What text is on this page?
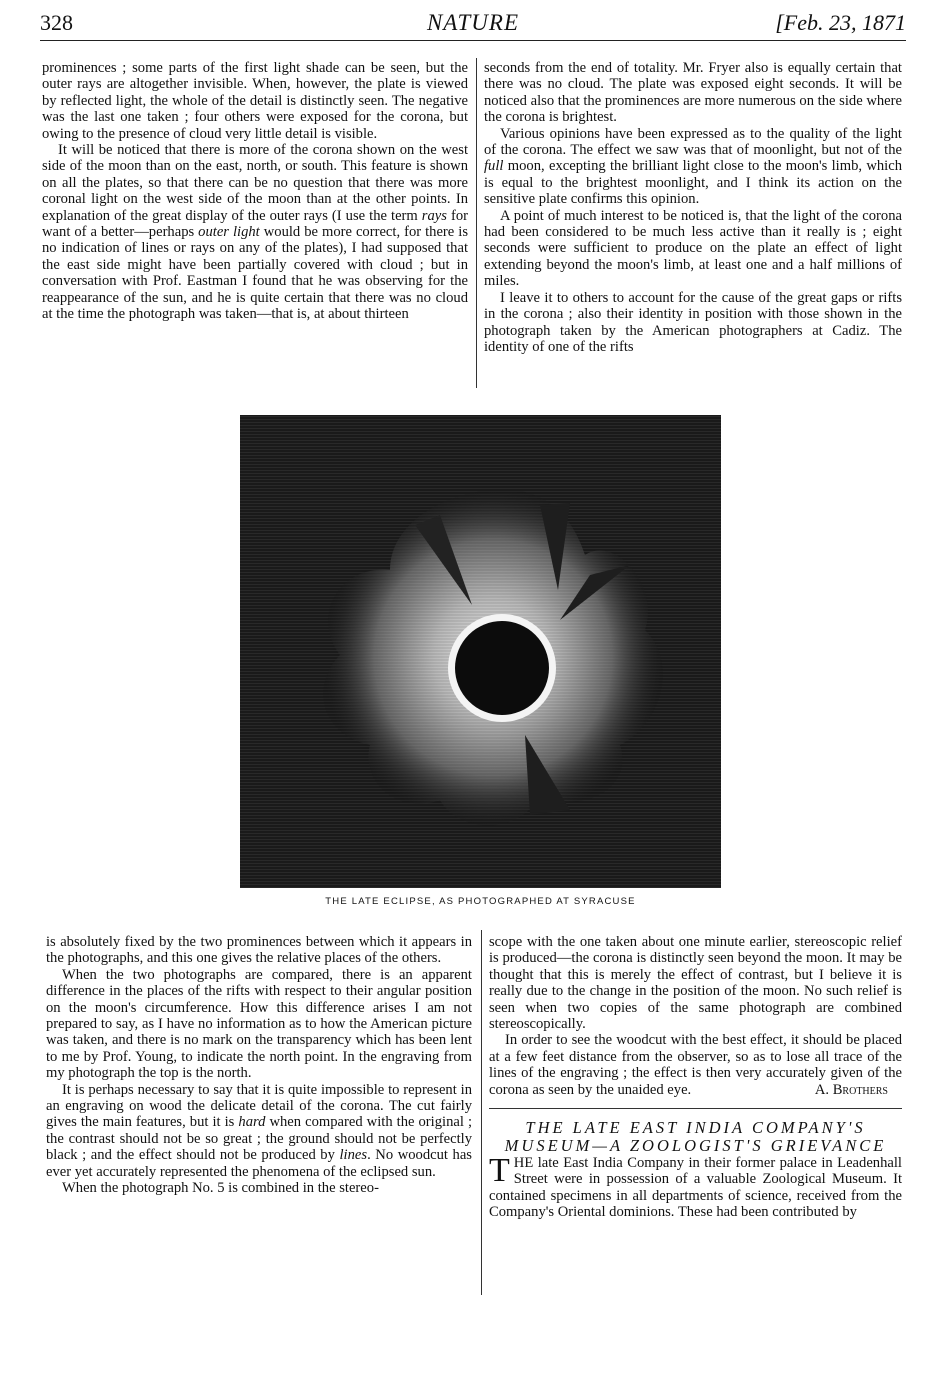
328	NATURE	[Feb. 23, 1871

prominences ; some parts of the first light shade can be seen, but the outer rays are altogether invisible. When, however, the plate is viewed by reflected light, the whole of the detail is distinctly seen. The negative was the last one taken ; four others were exposed for the corona, but owing to the presence of cloud very little detail is visible.

It will be noticed that there is more of the corona shown on the west side of the moon than on the east, north, or south. This feature is shown on all the plates, so that there can be no question that there was more coronal light on the west side of the moon than at the other points. In explanation of the great display of the outer rays (I use the term rays for want of a better—perhaps outer light would be more correct, for there is no indication of lines or rays on any of the plates), I had supposed that the east side might have been partially covered with cloud ; but in conversation with Prof. Eastman I found that he was observing for the reappearance of the sun, and he is quite certain that there was no cloud at the time the photograph was taken—that is, at about thirteen

seconds from the end of totality. Mr. Fryer also is equally certain that there was no cloud. The plate was exposed eight seconds. It will be noticed also that the prominences are more numerous on the side where the corona is brightest.

Various opinions have been expressed as to the quality of the light of the corona. The effect we saw was that of moonlight, but not of the full moon, excepting the brilliant light close to the moon's limb, which is equal to the brightest moonlight, and I think its action on the sensitive plate confirms this opinion.

A point of much interest to be noticed is, that the light of the corona had been considered to be much less active than it really is ; eight seconds were sufficient to produce on the plate an effect of light extending beyond the moon's limb, at least one and a half millions of miles.

I leave it to others to account for the cause of the great gaps or rifts in the corona ; also their identity in position with those shown in the photograph taken by the American photographers at Cadiz. The identity of one of the rifts

THE LATE ECLIPSE, AS PHOTOGRAPHED AT SYRACUSE

is absolutely fixed by the two prominences between which it appears in the photographs, and this one gives the relative places of the others.

When the two photographs are compared, there is an apparent difference in the places of the rifts with respect to their angular position on the moon's circumference. How this difference arises I am not prepared to say, as I have no information as to how the American picture was taken, and there is no mark on the transparency which has been lent to me by Prof. Young, to indicate the north point. In the engraving from my photograph the top is the north.

It is perhaps necessary to say that it is quite impossible to represent in an engraving on wood the delicate detail of the corona. The cut fairly gives the main features, but it is hard when compared with the original ; the contrast should not be so great ; the ground should not be perfectly black ; and the effect should not be produced by lines. No woodcut has ever yet accurately represented the phenomena of the eclipsed sun.

When the photograph No. 5 is combined in the stereo-

scope with the one taken about one minute earlier, stereoscopic relief is produced—the corona is distinctly seen beyond the moon. It may be thought that this is merely the effect of contrast, but I believe it is really due to the change in the position of the moon. No such relief is seen when two copies of the same photograph are combined stereoscopically.

In order to see the woodcut with the best effect, it should be placed at a few feet distance from the observer, so as to lose all trace of the lines of the engraving ; the effect is then very accurately given of the corona as seen by the unaided eye.	A. Brothers

THE LATE EAST INDIA COMPANY'S
MUSEUM—A ZOOLOGIST'S GRIEVANCE

THE late East India Company in their former palace in Leadenhall Street were in possession of a valuable Zoological Museum. It contained specimens in all departments of science, received from the Company's Oriental dominions. These had been contributed by
